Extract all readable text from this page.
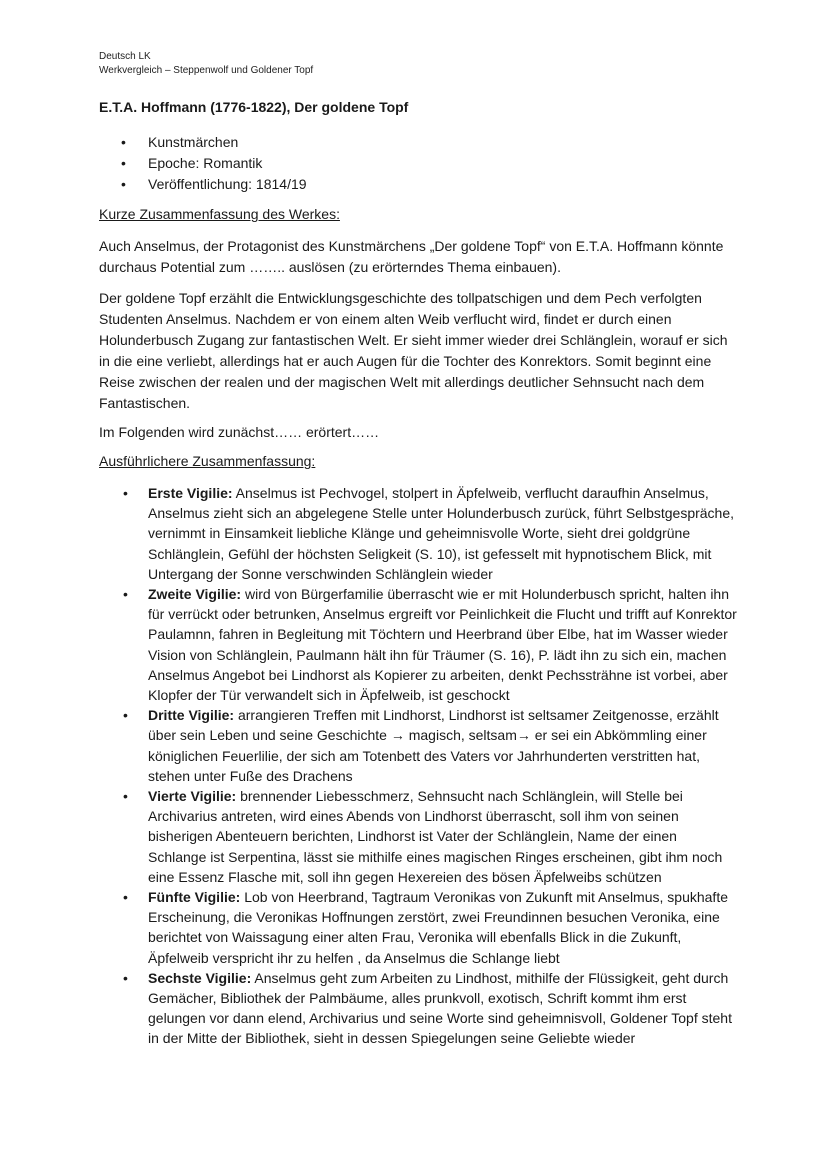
Deutsch LK
Werkvergleich – Steppenwolf und Goldener Topf
E.T.A. Hoffmann (1776-1822), Der goldene Topf
• Kunstmärchen
• Epoche: Romantik
• Veröffentlichung: 1814/19
Kurze Zusammenfassung des Werkes:

Auch Anselmus, der Protagonist des Kunstmärchens „Der goldene Topf“ von E.T.A. Hoffmann könnte durchaus Potential zum …….. auslösen (zu erörterndes Thema einbauen).

Der goldene Topf erzählt die Entwicklungsgeschichte des tollpatschigen und dem Pech verfolgten Studenten Anselmus. Nachdem er von einem alten Weib verflucht wird, findet er durch einen Holunderbusch Zugang zur fantastischen Welt. Er sieht immer wieder drei Schlänglein, worauf er sich in die eine verliebt, allerdings hat er auch Augen für die Tochter des Konrektors. Somit beginnt eine Reise zwischen der realen und der magischen Welt mit allerdings deutlicher Sehnsucht nach dem Fantastischen.

Im Folgenden wird zunächst…… erörtert……

Ausführlichere Zusammenfassung:
• Erste Vigilie: Anselmus ist Pechvogel, stolpert in Äpfelweib, verflucht daraufhin Anselmus, Anselmus zieht sich an abgelegene Stelle unter Holunderbusch zurück, führt Selbstgespräche, vernimmt in Einsamkeit liebliche Klänge und geheimnisvolle Worte, sieht drei goldgrüne Schlänglein, Gefühl der höchsten Seligkeit (S. 10), ist gefesselt mit hypnotischem Blick, mit Untergang der Sonne verschwinden Schlänglein wieder
• Zweite Vigilie: wird von Bürgerfamilie überrascht wie er mit Holunderbusch spricht, halten ihn für verrückt oder betrunken, Anselmus ergreift vor Peinlichkeit die Flucht und trifft auf Konrektor Paulamnn, fahren in Begleitung mit Töchtern und Heerbrand über Elbe, hat im Wasser wieder Vision von Schlänglein, Paulmann hält ihn für Träumer (S. 16), P. lädt ihn zu sich ein, machen Anselmus Angebot bei Lindhorst als Kopierer zu arbeiten, denkt Pechssträhne ist vorbei, aber Klopfer der Tür verwandelt sich in Äpfelweib, ist geschockt
• Dritte Vigilie: arrangieren Treffen mit Lindhorst, Lindhorst ist seltsamer Zeitgenosse, erzählt über sein Leben und seine Geschichte → magisch, seltsam→ er sei ein Abkömmling einer königlichen Feuerlilie, der sich am Totenbett des Vaters vor Jahrhunderten verstritten hat, stehen unter Fuße des Drachens
• Vierte Vigilie: brennender Liebesschmerz, Sehnsucht nach Schlänglein, will Stelle bei Archivarius antreten, wird eines Abends von Lindhorst überrascht, soll ihm von seinen bisherigen Abenteuern berichten, Lindhorst ist Vater der Schlänglein, Name der einen Schlange ist Serpentina, lässt sie mithilfe eines magischen Ringes erscheinen, gibt ihm noch eine Essenz Flasche mit, soll ihn gegen Hexereien des bösen Äpfelweibs schützen
• Fünfte Vigilie: Lob von Heerbrand, Tagtraum Veronikas von Zukunft mit Anselmus, spukhafte Erscheinung, die Veronikas Hoffnungen zerstört, zwei Freundinnen besuchen Veronika, eine berichtet von Waissagung einer alten Frau, Veronika will ebenfalls Blick in die Zukunft, Äpfelweib verspricht ihr zu helfen , da Anselmus die Schlange liebt
• Sechste Vigilie: Anselmus geht zum Arbeiten zu Lindhost, mithilfe der Flüssigkeit, geht durch Gemächer, Bibliothek der Palmbäume, alles prunkvoll, exotisch, Schrift kommt ihm erst gelungen vor dann elend, Archivarius und seine Worte sind geheimnisvoll, Goldener Topf steht in der Mitte der Bibliothek, sieht in dessen Spiegelungen seine Geliebte wieder
